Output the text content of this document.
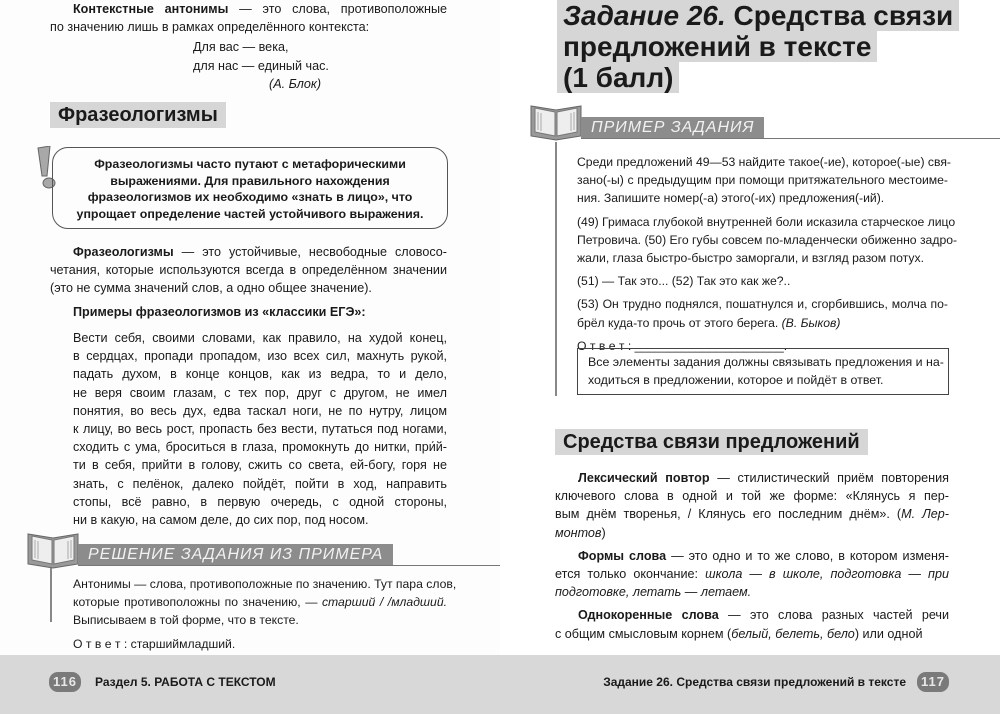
Контекстные антонимы — это слова, противоположные
по значению лишь в рамках определённого контекста:
Для вас — века,
для нас — единый час.
(А. Блок)
Фразеологизмы
Фразеологизмы часто путают с метафорическими
выражениями. Для правильного нахождения
фразеологизмов их необходимо «знать в лицо», что
упрощает определение частей устойчивого выражения.
Фразеологизмы — это устойчивые, несвободные словосо-
четания, которые используются всегда в определённом значении
(это не сумма значений слов, а одно общее значение).
Примеры фразеологизмов из «классики ЕГЭ»:
Вести себя, своими словами, как правило, на худой конец,
в сердцах, пропади пропадом, изо всех сил, махнуть рукой,
падать духом, в конце концов, как из ведра, то и дело,
не веря своим глазам, с тех пор, друг с другом, не имел
понятия, во весь дух, едва таскал ноги, не по нутру, лицом
к лицу, во весь рост, пропасть без вести, путаться под ногами,
сходить с ума, броситься в глаза, промокнуть до нитки, при́й-
ти в себя, прийти в голову, сжить со света, ей-богу, горя не
знать, с пелёнок, далеко пойдёт, пойти в ход, направить
стопы, всё равно, в первую очередь, с одной стороны,
ни в какую, на самом деле, до сих пор, под носом.
РЕШЕНИЕ ЗАДАНИЯ ИЗ ПРИМЕРА
Антонимы — слова, противоположные по значению. Тут пара слов,
которые противоположны по значению, — старший / /младший.
Выписываем в той форме, что в тексте.
О т в е т : старшиймладший.
116	Раздел 5. РАБОТА С ТЕКСТОМ
Задание 26. Средства связи
предложений в тексте
(1 балл)
ПРИМЕР ЗАДАНИЯ
Среди предложений 49—53 найдите такое(-ие), которое(-ые) свя-
зано(-ы) с предыдущим при помощи притяжательного местоиме-
ния. Запишите номер(-а) этого(-их) предложения(-ий).
(49) Гримаса глубокой внутренней боли исказила старческое лицо
Петровича. (50) Его губы совсем по-младенчески обиженно задро-
жали, глаза быстро-быстро заморгали, и взгляд разом потух.
(51) — Так это... (52) Так это как же?..
(53) Он трудно поднялся, пошатнулся и, сгорбившись, молча по-
брёл куда-то прочь от этого берега. (В. Быков)
О т в е т : ______________________.
Все элементы задания должны связывать предложения и на-
ходиться в предложении, которое и пойдёт в ответ.
Средства связи предложений
Лексический повтор — стилистический приём повторения
ключевого слова в одной и той же форме: «Клянусь я пер-
вым днём творенья, / Клянусь его последним днём». (М. Лер-
монтов)
Формы слова — это одно и то же слово, в котором изменя-
ется только окончание: школа — в школе, подготовка — при
подготовке, летать — летаем.
Однокоренные слова — это слова разных частей речи
с общим смысловым корнем (белый, белеть, бело) или одной
Задание 26. Средства связи предложений в тексте	117
